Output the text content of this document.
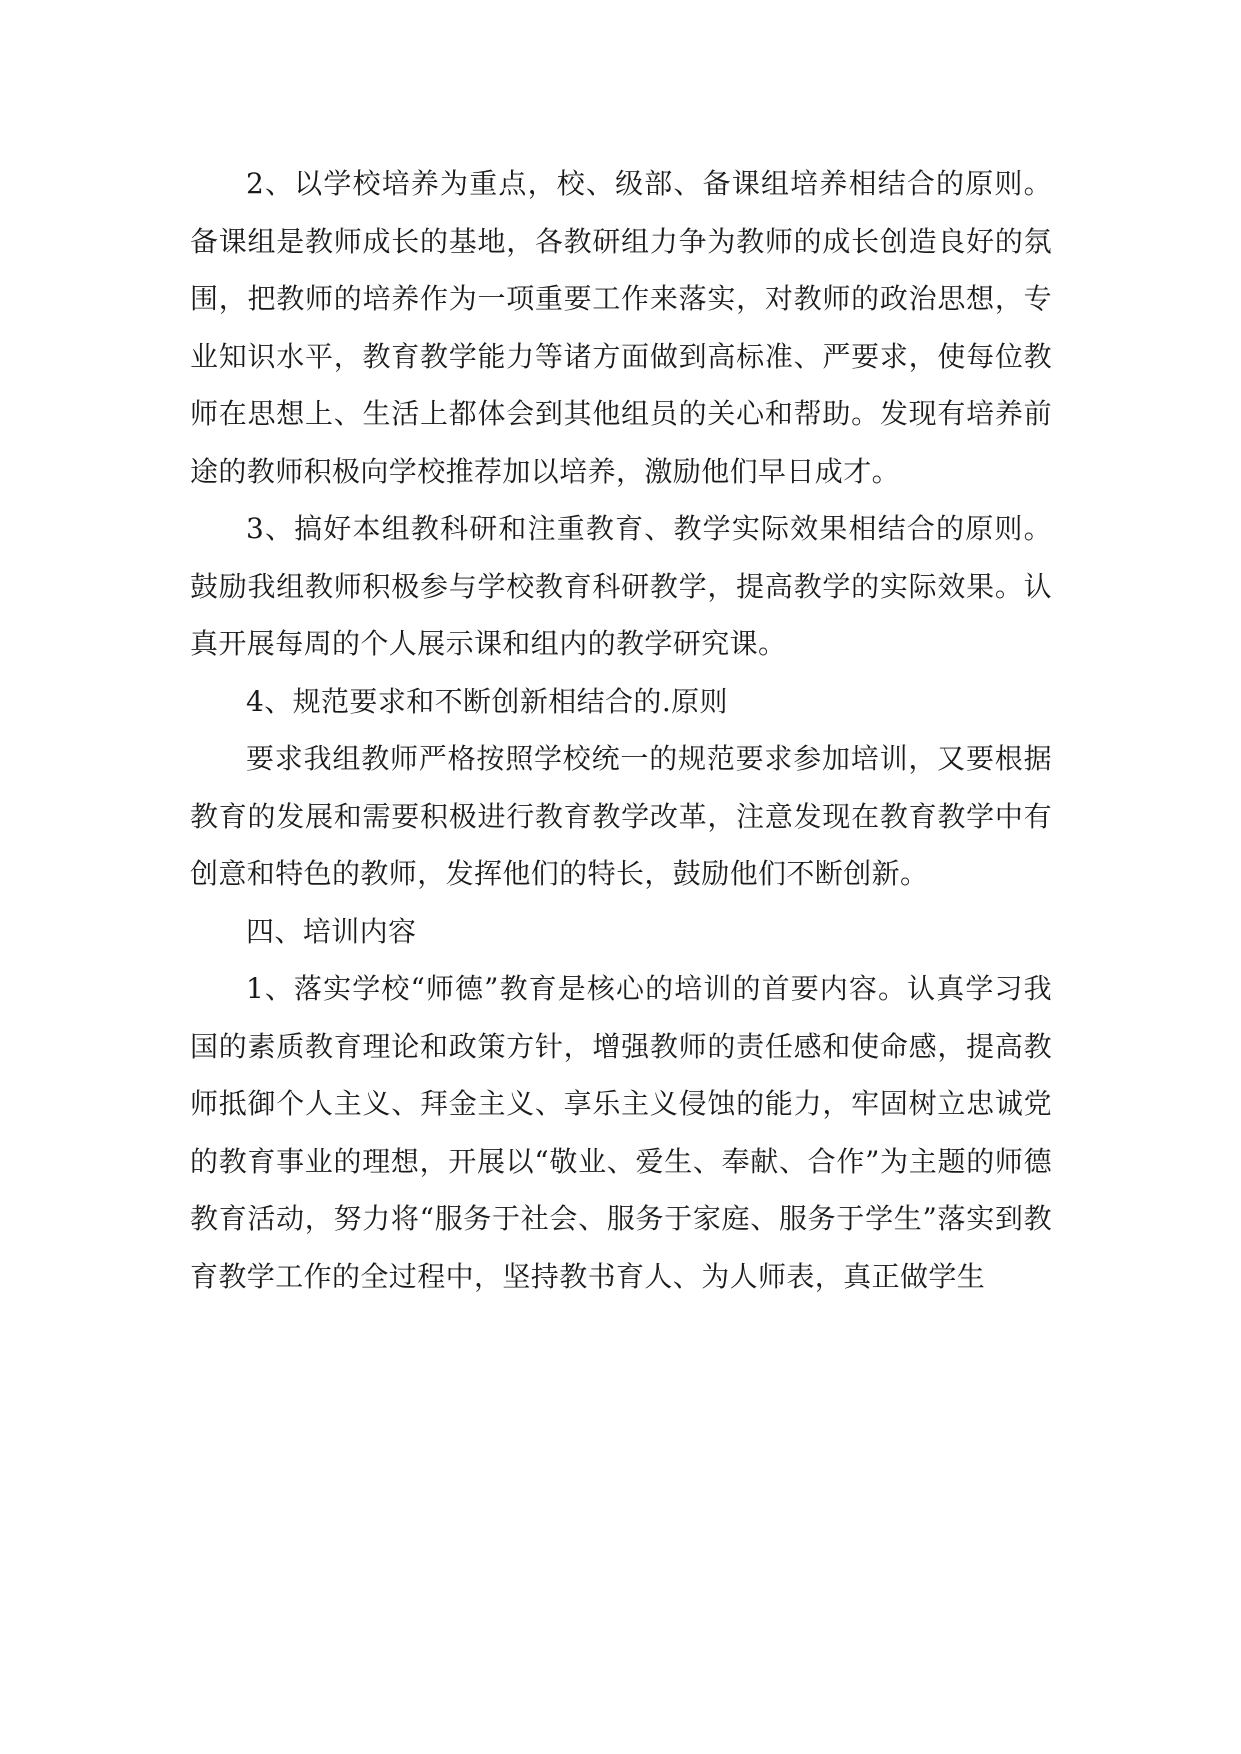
2、以学校培养为重点，校、级部、备课组培养相结合的原则。备课组是教师成长的基地，各教研组力争为教师的成长创造良好的氛围，把教师的培养作为一项重要工作来落实，对教师的政治思想，专业知识水平，教育教学能力等诸方面做到高标准、严要求，使每位教师在思想上、生活上都体会到其他组员的关心和帮助。发现有培养前途的教师积极向学校推荐加以培养，激励他们早日成才。

3、搞好本组教科研和注重教育、教学实际效果相结合的原则。鼓励我组教师积极参与学校教育科研教学，提高教学的实际效果。认真开展每周的个人展示课和组内的教学研究课。

4、规范要求和不断创新相结合的.原则

要求我组教师严格按照学校统一的规范要求参加培训，又要根据教育的发展和需要积极进行教育教学改革，注意发现在教育教学中有创意和特色的教师，发挥他们的特长，鼓励他们不断创新。

四、培训内容

1、落实学校“师德”教育是核心的培训的首要内容。认真学习我国的素质教育理论和政策方针，增强教师的责任感和使命感，提高教师抵御个人主义、拜金主义、享乐主义侵蚀的能力，牢固树立忠诚党的教育事业的理想，开展以“敬业、爱生、奉献、合作”为主题的师德教育活动，努力将“服务于社会、服务于家庭、服务于学生”落实到教育教学工作的全过程中，坚持教书育人、为人师表，真正做学生
